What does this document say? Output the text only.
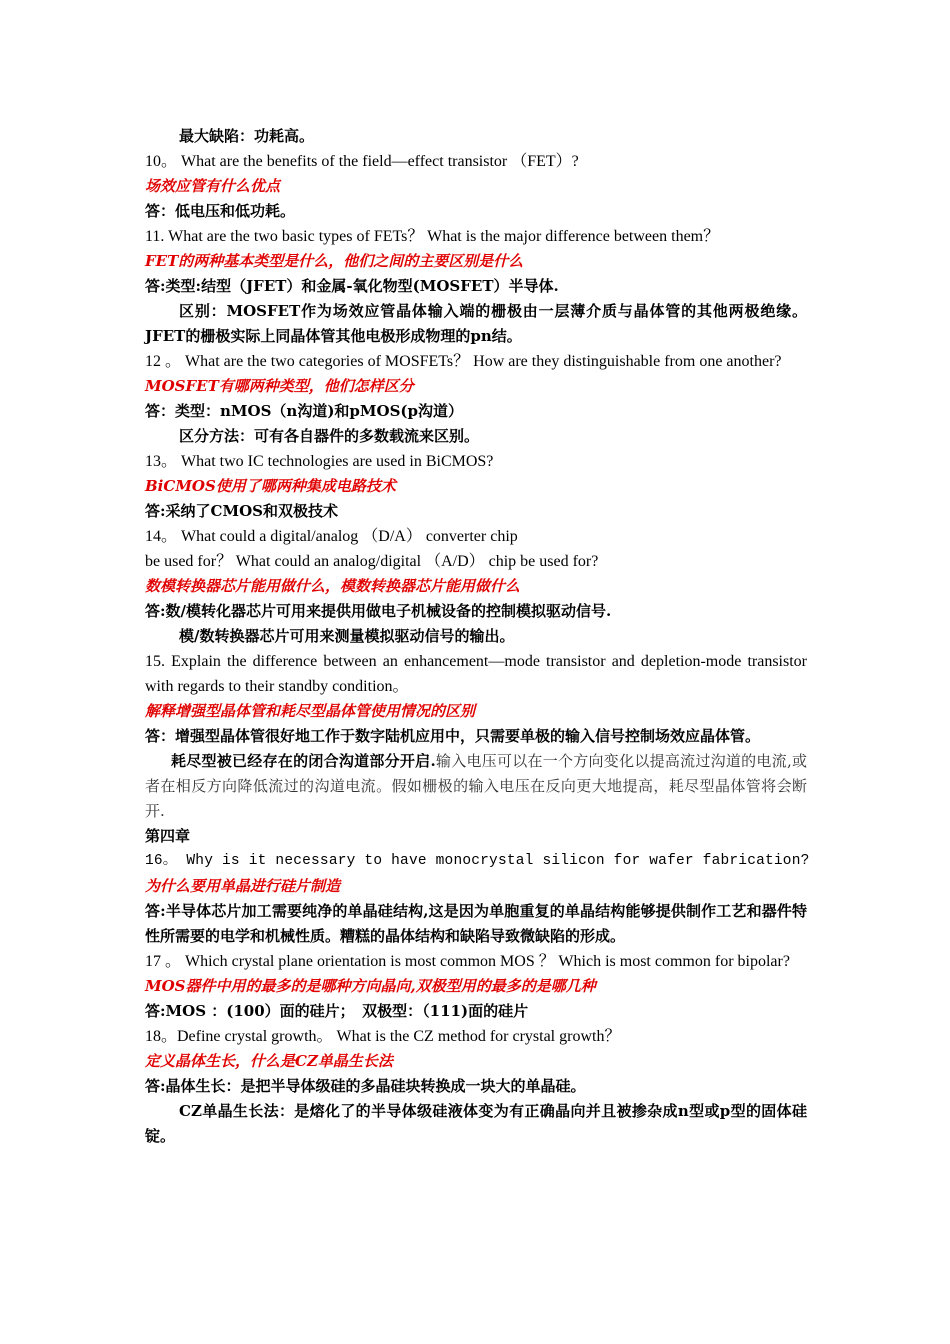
最大缺陷：功耗高。
10。 What are the benefits of the field—effect transistor （FET）?
场效应管有什么优点
答：低电压和低功耗。
11. What are the two basic types of FETs？ What is the major difference between them？
FET的两种基本类型是什么，他们之间的主要区别是什么
答:类型:结型（JFET）和金属-氧化物型(MOSFET）半导体.
区别：MOSFET作为场效应管晶体输入端的栅极由一层薄介质与晶体管的其他两极绝缘。JFET的栅极实际上同晶体管其他电极形成物理的pn结。
12 。 What are the two categories of MOSFETs？ How are they distinguishable from one another?
MOSFET有哪两种类型，他们怎样区分
答：类型：nMOS（n沟道)和pMOS(p沟道）
区分方法：可有各自器件的多数载流来区别。
13。 What two IC technologies are used in BiCMOS?
BiCMOS使用了哪两种集成电路技术
答:采纳了CMOS和双极技术
14。 What could a digital/analog （D/A） converter chip
be used for？ What could an analog/digital （A/D） chip be used for?
数模转换器芯片能用做什么，模数转换器芯片能用做什么
答:数/模转化器芯片可用来提供用做电子机械设备的控制模拟驱动信号.
模/数转换器芯片可用来测量模拟驱动信号的输出。
15. Explain the difference between an enhancement—mode transistor and depletion-mode transistor with regards to their standby condition。
解释增强型晶体管和耗尽型晶体管使用情况的区别
答：增强型晶体管很好地工作于数字陆机应用中，只需要单极的输入信号控制场效应晶体管。
耗尽型被已经存在的闭合沟道部分开启.输入电压可以在一个方向变化以提高流过沟道的电流,或者在相反方向降低流过的沟道电流。假如栅极的输入电压在反向更大地提高，耗尽型晶体管将会断开.
第四章
16。 Why is it necessary to have monocrystal silicon for wafer fabrication?
为什么要用单晶进行硅片制造
答:半导体芯片加工需要纯净的单晶硅结构,这是因为单胞重复的单晶结构能够提供制作工艺和器件特性所需要的电学和机械性质。糟糕的晶体结构和缺陷导致微缺陷的形成。
17 。 Which crystal plane orientation is most common MOS ？ Which is most common for bipolar?
MOS器件中用的最多的是哪种方向晶向,双极型用的最多的是哪几种
答:MOS ：(100）面的硅片；　双极型：（111)面的硅片
18。Define crystal growth。 What is the CZ method for crystal growth？
定义晶体生长，什么是CZ单晶生长法
答:晶体生长：是把半导体级硅的多晶硅块转换成一块大的单晶硅。
CZ单晶生长法：是熔化了的半导体级硅液体变为有正确晶向并且被掺杂成n型或p型的固体硅锭。
